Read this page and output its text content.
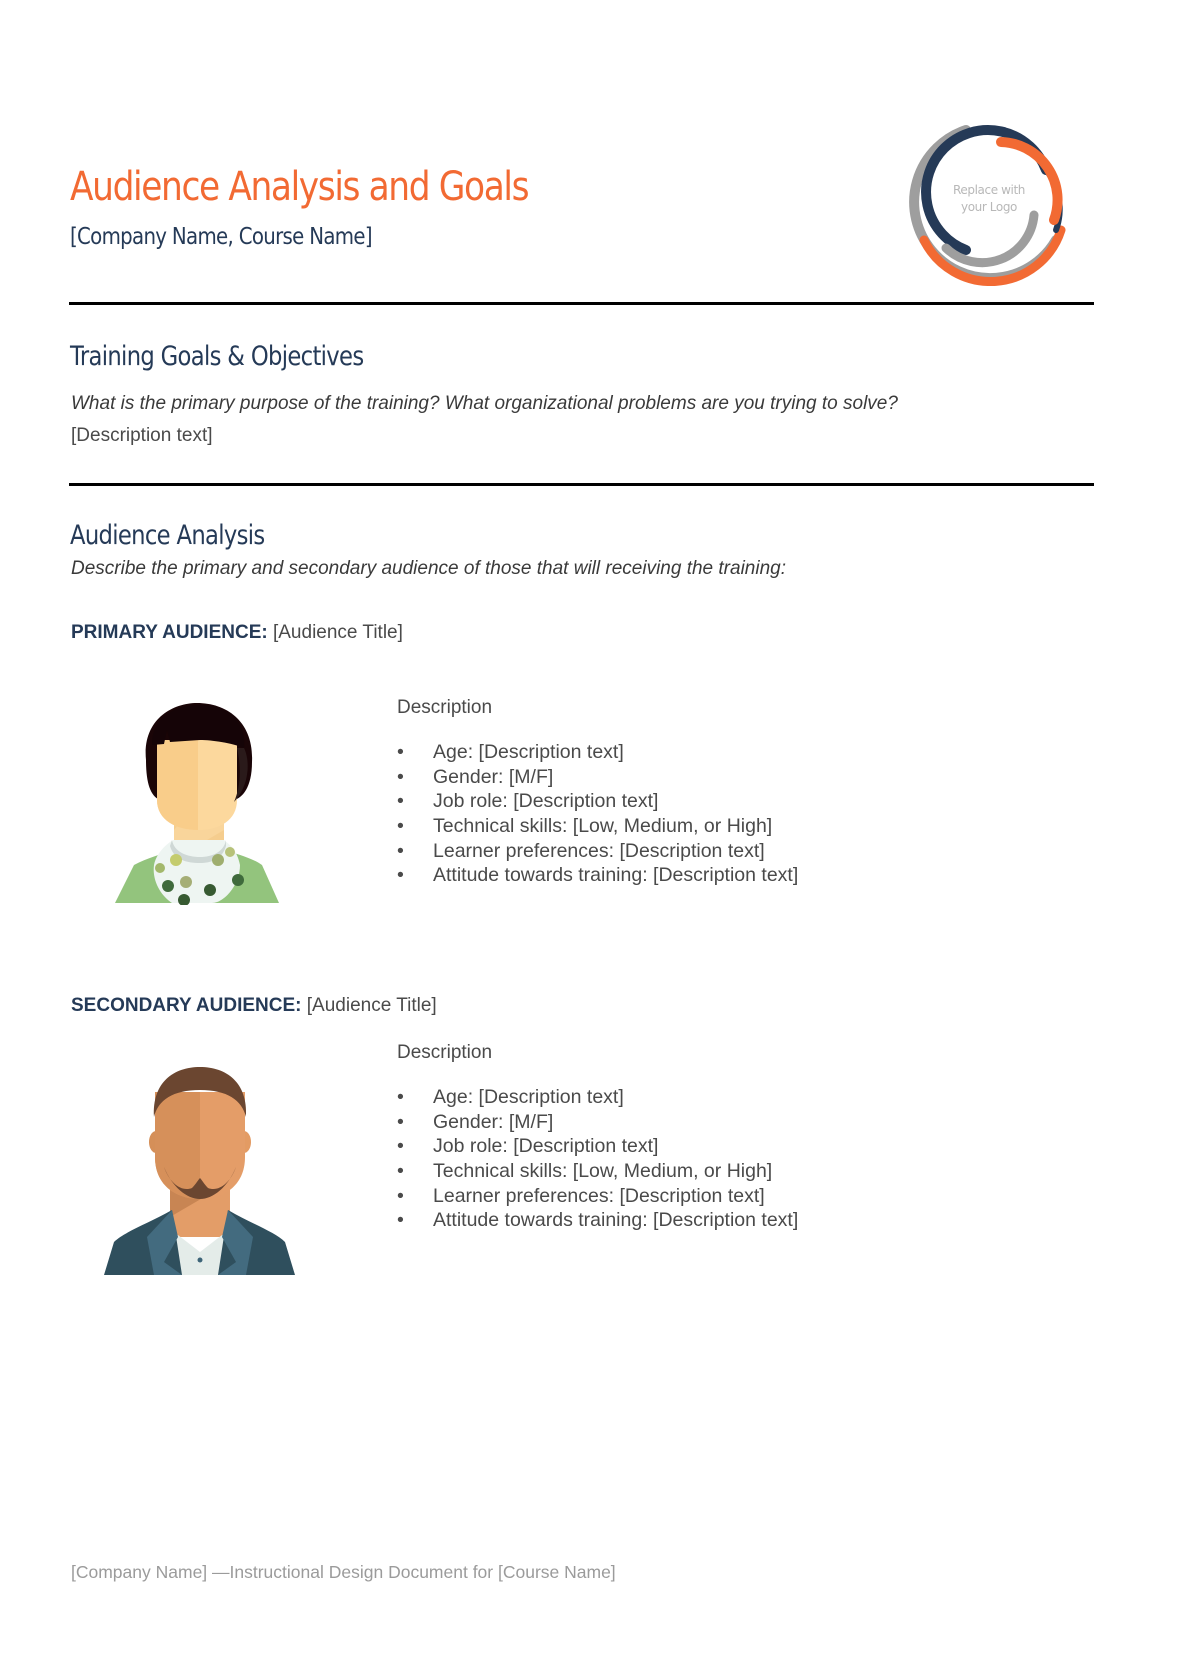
Audience Analysis and Goals
[Company Name, Course Name]
Replace with
your Logo
Training Goals & Objectives
What is the primary purpose of the training? What organizational problems are you trying to solve?
[Description text]
Audience Analysis
Describe the primary and secondary audience of those that will receiving the training:
PRIMARY AUDIENCE: [Audience Title]
Description
• Age: [Description text]
• Gender: [M/F]
• Job role: [Description text]
• Technical skills: [Low, Medium, or High]
• Learner preferences: [Description text]
• Attitude towards training: [Description text]
SECONDARY AUDIENCE: [Audience Title]
Description
• Age: [Description text]
• Gender: [M/F]
• Job role: [Description text]
• Technical skills: [Low, Medium, or High]
• Learner preferences: [Description text]
• Attitude towards training: [Description text]
[Company Name] —Instructional Design Document for [Course Name]
